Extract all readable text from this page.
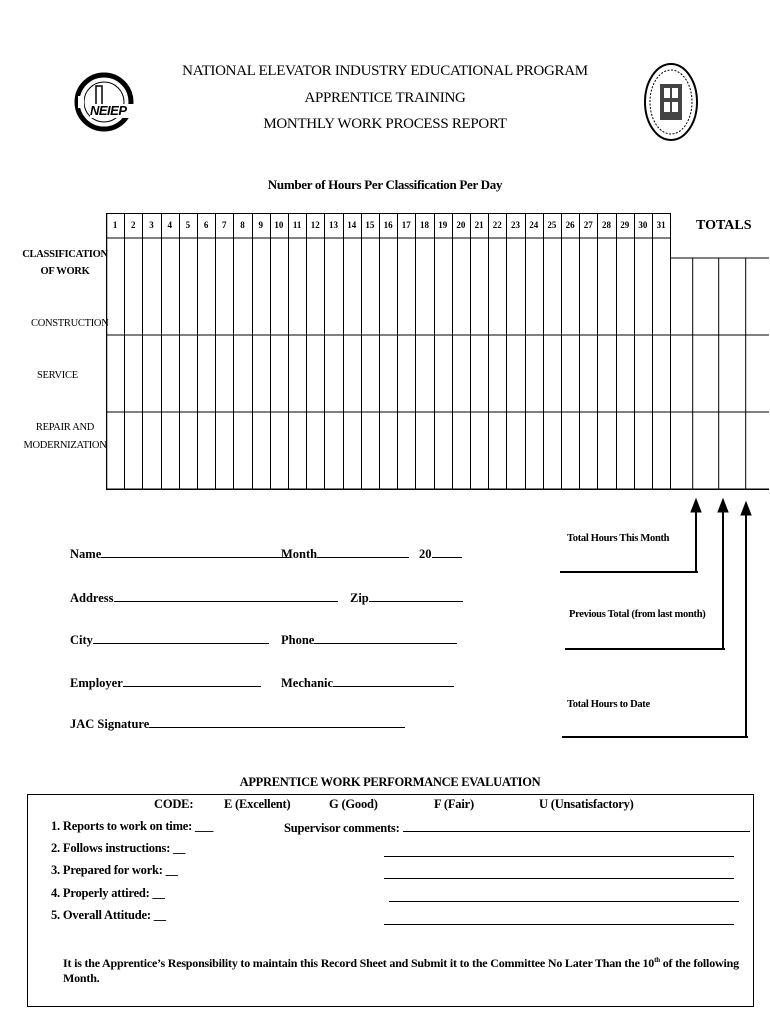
NEIEP
NATIONAL ELEVATOR INDUSTRY EDUCATIONAL PROGRAM
APPRENTICE TRAINING
MONTHLY WORK PROCESS REPORT
Number of Hours Per Classification Per Day
CLASSIFICATION
OF WORK
CONSTRUCTION
SERVICE
REPAIR AND
MODERNIZATION
1	2	3	4	5	6	7	8	9	10	11	12	13	14	15	16	17	18	19	20	21	22	23	24	25	26	27	28	29	30	31	TOTALS
Total Hours This Month
Previous Total (from last month)
Total Hours to Date
Name	Month	20
Address	Zip
City	Phone
Employer	Mechanic
JAC Signature
APPRENTICE WORK PERFORMANCE EVALUATION
CODE: E (Excellent)	G (Good)	F (Fair)	U (Unsatisfactory)
1. Reports to work on time: ___
2. Follows instructions: __
3. Prepared for work: __
4. Properly attired: __
5. Overall Attitude: __
Supervisor comments:
It is the Apprentice’s Responsibility to maintain this Record Sheet and Submit it to the Committee No Later Than the 10th of the following Month.
